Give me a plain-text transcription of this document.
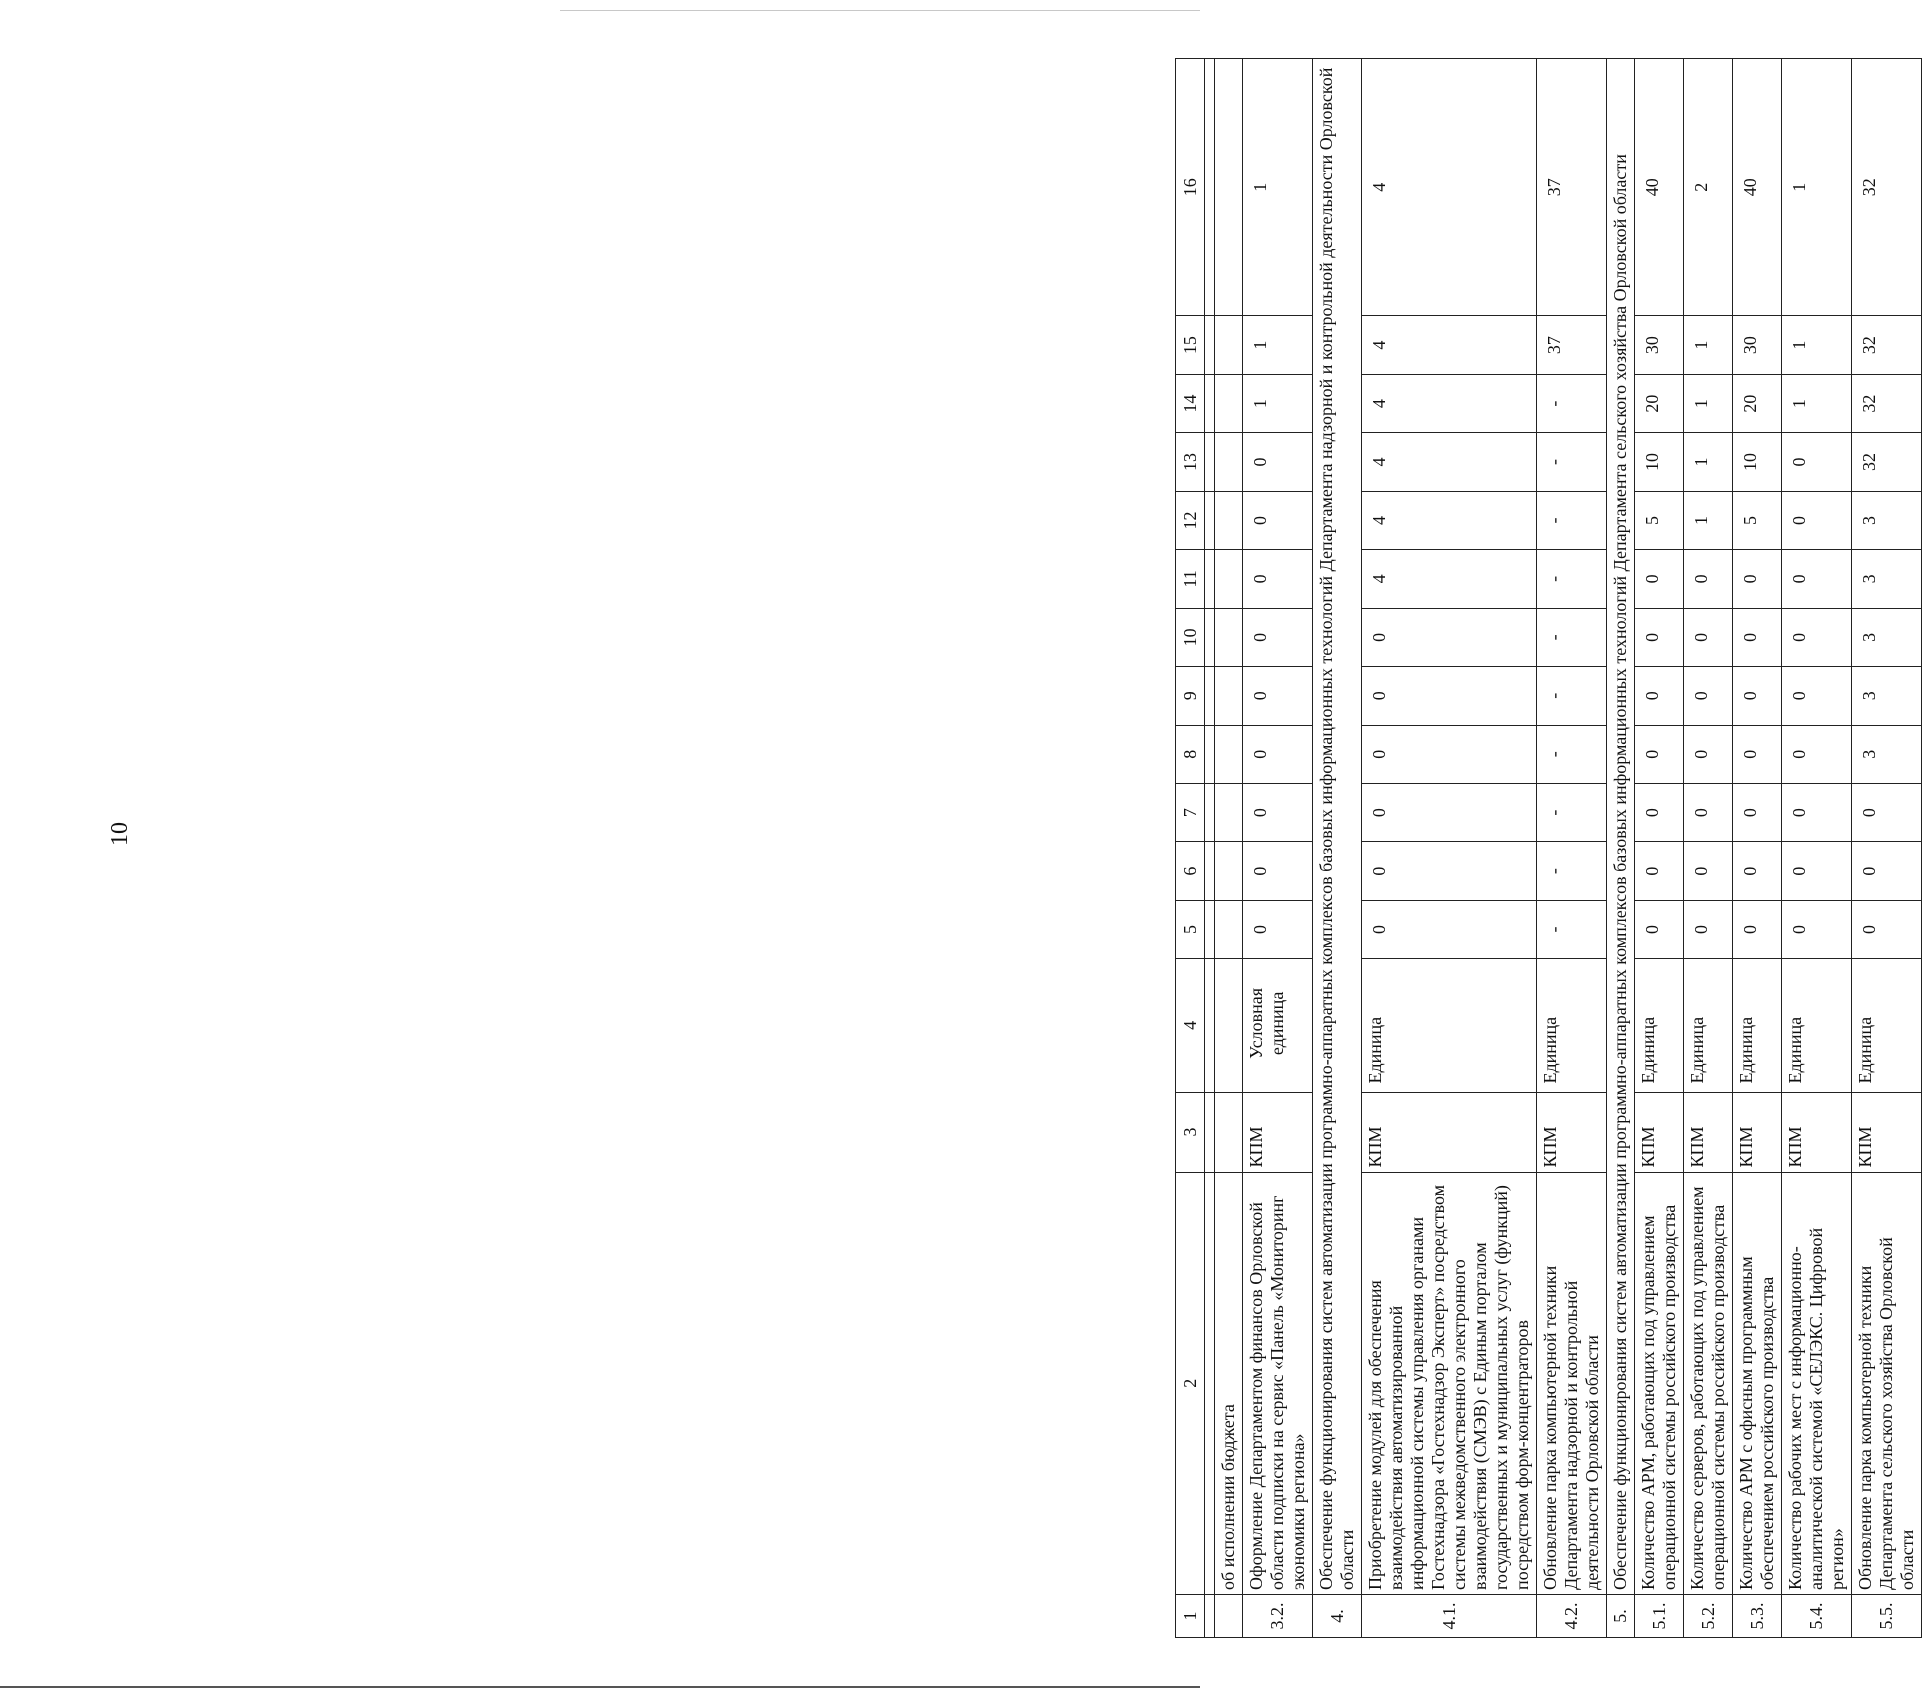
10
1	2	3	4	5	6	7	8	9	10	11	12	13	14	15	16

	об исполнении бюджета														
3.2.	Оформление Департаментом финансов Орловской области подписки на сервис «Панель «Мониторинг экономики региона»	КПМ	Условная единица	0	0	0	0	0	0	0	0	0	1	1	1
4.	Обеспечение функционирования систем автоматизации программно-аппаратных комплексов базовых информационных технологий Департамента надзорной и контрольной деятельности Орловской области														
4.1.	Приобретение модулей для обеспечения взаимодействия автоматизированной информационной системы управления органами Гостехнадзора «Гостехнадзор Эксперт» посредством системы межведомственного электронного взаимодействия (СМЭВ) с Единым порталом государственных и муниципальных услуг (функций) посредством форм-концентраторов	КПМ	Единица	0	0	0	0	0	0	4	4	4	4	4	4
4.2.	Обновление парка компьютерной техники Департамента надзорной и контрольной деятельности Орловской области	КПМ	Единица	-	-	-	-	-	-	-	-	-	-	37	37
5.	Обеспечение функционирования систем автоматизации программно-аппаратных комплексов базовых информационных технологий Департамента сельского хозяйства Орловской области														
5.1.	Количество АРМ, работающих под управлением операционной системы российского производства	КПМ	Единица	0	0	0	0	0	0	0	5	10	20	30	40
5.2.	Количество серверов, работающих под управлением операционной системы российского производства	КПМ	Единица	0	0	0	0	0	0	0	1	1	1	1	2
5.3.	Количество АРМ с офисным программным обеспечением российского производства	КПМ	Единица	0	0	0	0	0	0	0	5	10	20	30	40
5.4.	Количество рабочих мест с информационно-аналитической системой «СЕЛЭКС. Цифровой регион»	КПМ	Единица	0	0	0	0	0	0	0	0	0	1	1	1
5.5.	Обновление парка компьютерной техники Департамента сельского хозяйства Орловской области	КПМ	Единица	0	0	0	3	3	3	3	3	32	32	32	32
